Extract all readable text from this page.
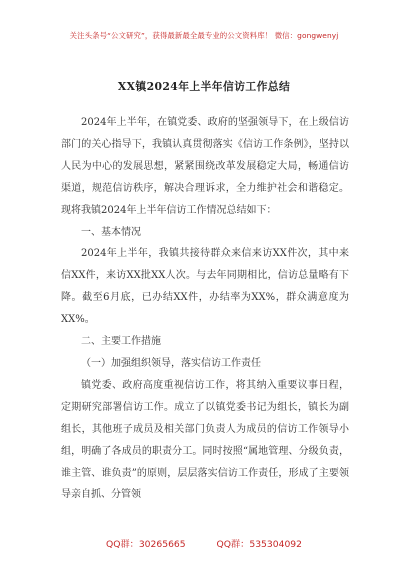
关注头条号“公文研究”，获得最新最全最专业的公文资料库！ 微信：gongwenyj
XX镇2024年上半年信访工作总结

2024年上半年，在镇党委、政府的坚强领导下，在上级信访部门的关心指导下，我镇认真贯彻落实《信访工作条例》，坚持以人民为中心的发展思想，紧紧围绕改革发展稳定大局，畅通信访渠道，规范信访秩序，解决合理诉求，全力维护社会和谐稳定。现将我镇2024年上半年信访工作情况总结如下：

一、基本情况

2024年上半年，我镇共接待群众来信来访XX件次，其中来信XX件，来访XX批XX人次。与去年同期相比，信访总量略有下降。截至6月底，已办结XX件，办结率为XX%，群众满意度为XX%。

二、主要工作措施

（一）加强组织领导，落实信访工作责任

镇党委、政府高度重视信访工作，将其纳入重要议事日程，定期研究部署信访工作。成立了以镇党委书记为组长，镇长为副组长，其他班子成员及相关部门负责人为成员的信访工作领导小组，明确了各成员的职责分工。同时按照“属地管理、分级负责，谁主管、谁负责”的原则，层层落实信访工作责任，形成了主要领导亲自抓、分管领

QQ群：30265665	QQ群：535304092
